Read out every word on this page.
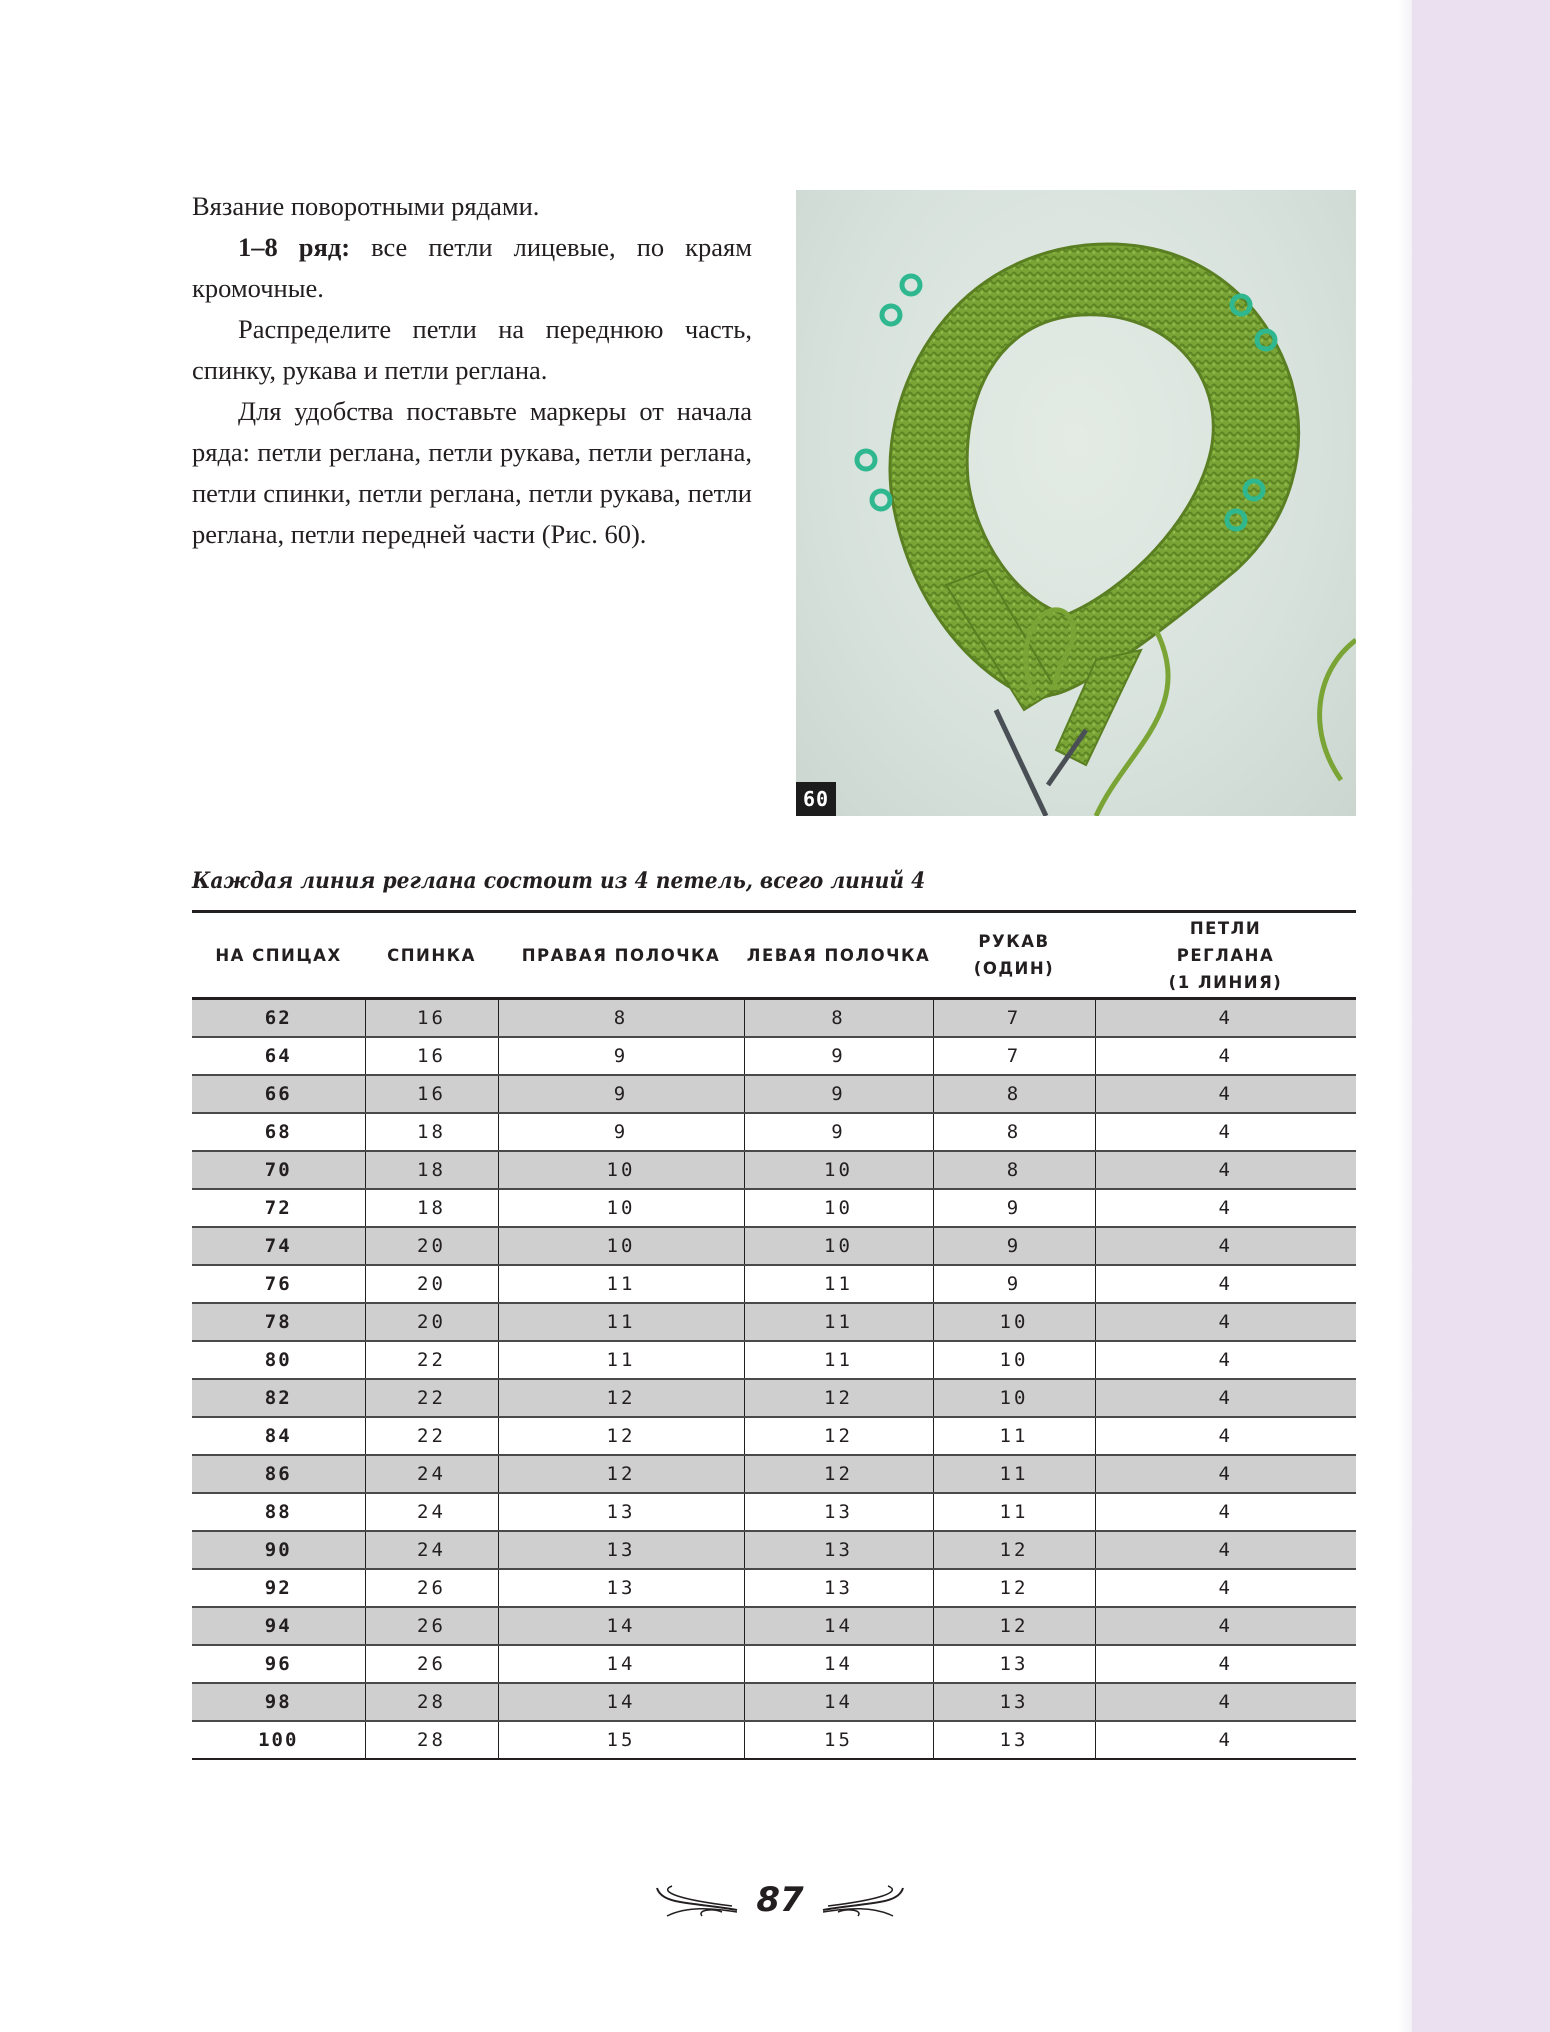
Вязание поворотными рядами.

1–8 ряд: все петли лицевые, по краям кромочные.

Распределите петли на переднюю часть, спинку, рукава и петли реглана.

Для удобства поставьте маркеры от начала ряда: петли реглана, петли рукава, петли реглана, петли спинки, петли реглана, петли рукава, петли реглана, петли передней части (Рис. 60).

60
Каждая линия реглана состоит из 4 петель, всего линий 4
НА СПИЦАХ	СПИНКА	ПРАВАЯ ПОЛОЧКА	ЛЕВАЯ ПОЛОЧКА	РУКАВ (ОДИН)	ПЕТЛИ РЕГЛАНА (1 ЛИНИЯ)
62	16	8	8	7	4
64	16	9	9	7	4
66	16	9	9	8	4
68	18	9	9	8	4
70	18	10	10	8	4
72	18	10	10	9	4
74	20	10	10	9	4
76	20	11	11	9	4
78	20	11	11	10	4
80	22	11	11	10	4
82	22	12	12	10	4
84	22	12	12	11	4
86	24	12	12	11	4
88	24	13	13	11	4
90	24	13	13	12	4
92	26	13	13	12	4
94	26	14	14	12	4
96	26	14	14	13	4
98	28	14	14	13	4
100	28	15	15	13	4
87
